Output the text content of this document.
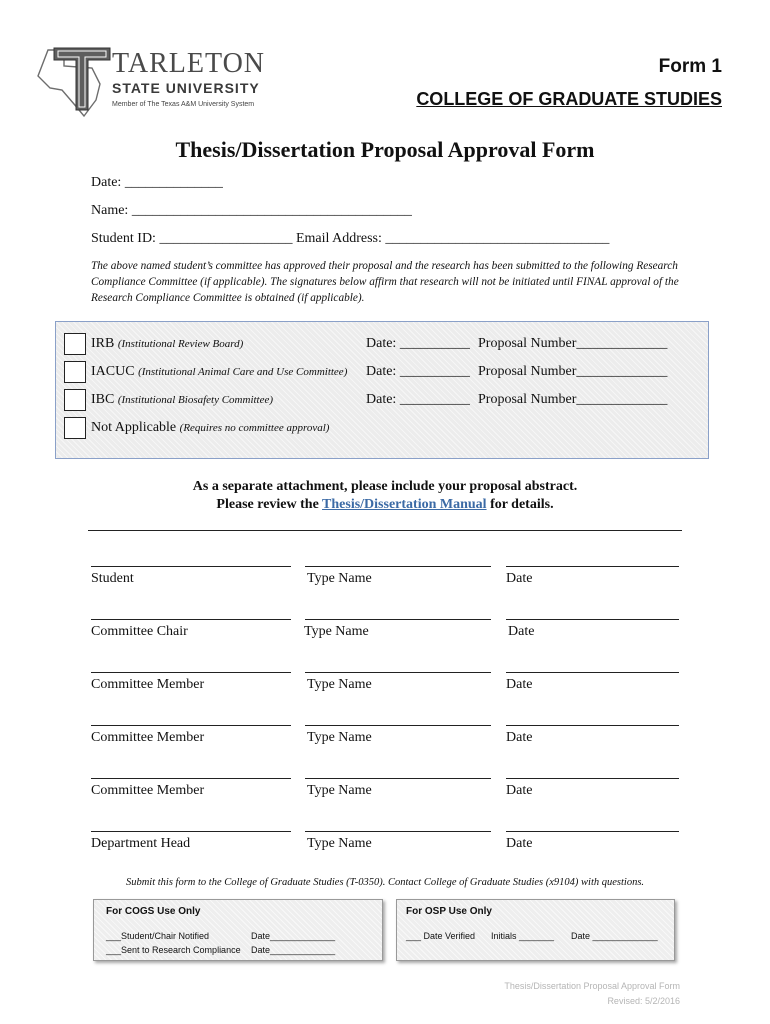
TARLETON
STATE UNIVERSITY
Member of The Texas A&M University System
Form 1
COLLEGE OF GRADUATE STUDIES
Thesis/Dissertation Proposal Approval Form
Date: ______________
Name: ________________________________________
Student ID: ___________________ Email Address: ________________________________
The above named student’s committee has approved their proposal and the research has been submitted to the following Research Compliance Committee (if applicable). The signatures below affirm that research will not be initiated until FINAL approval of the Research Compliance Committee is obtained (if applicable).
IRB (Institutional Review Board)	Date: __________ Proposal Number_____________
IACUC (Institutional Animal Care and Use Committee) Date: __________ Proposal Number_____________
IBC (Institutional Biosafety Committee)	Date: __________ Proposal Number_____________
Not Applicable (Requires no committee approval)
As a separate attachment, please include your proposal abstract.
Please review the Thesis/Dissertation Manual for details.
Student	Type Name	Date
Committee Chair	Type Name	Date
Committee Member	Type Name	Date
Committee Member	Type Name	Date
Committee Member	Type Name	Date
Department Head	Type Name	Date
Submit this form to the College of Graduate Studies (T-0350). Contact College of Graduate Studies (x9104) with questions.
For COGS Use Only
___Student/Chair Notified	Date_____________
___Sent to Research Compliance Date_____________
For OSP Use Only
___ Date Verified Initials _______ Date _____________
Thesis/Dissertation Proposal Approval Form
Revised: 5/2/2016
